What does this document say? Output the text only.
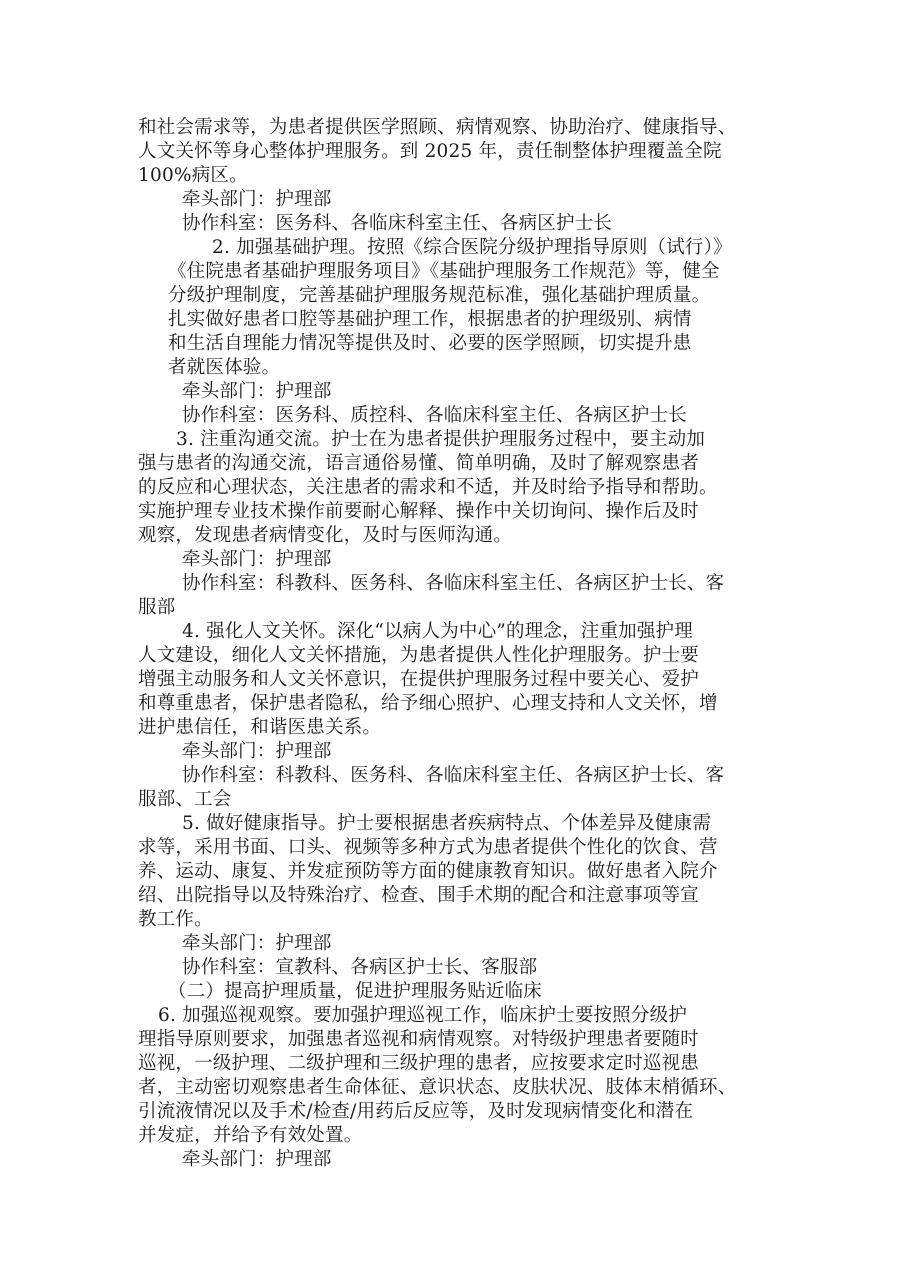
和社会需求等，为患者提供医学照顾、病情观察、协助治疗、健康指导、
人文关怀等身心整体护理服务。到 2025 年，责任制整体护理覆盖全院
100%病区。
牵头部门：护理部
协作科室：医务科、各临床科室主任、各病区护士长
2. 加强基础护理。按照《综合医院分级护理指导原则（试行）》
《住院患者基础护理服务项目》《基础护理服务工作规范》等，健全
分级护理制度，完善基础护理服务规范标准，强化基础护理质量。
扎实做好患者口腔等基础护理工作，根据患者的护理级别、病情
和生活自理能力情况等提供及时、必要的医学照顾，切实提升患
者就医体验。
牵头部门：护理部
协作科室：医务科、质控科、各临床科室主任、各病区护士长
3. 注重沟通交流。护士在为患者提供护理服务过程中，要主动加
强与患者的沟通交流，语言通俗易懂、简单明确，及时了解观察患者
的反应和心理状态，关注患者的需求和不适，并及时给予指导和帮助。
实施护理专业技术操作前要耐心解释、操作中关切询问、操作后及时
观察，发现患者病情变化，及时与医师沟通。
牵头部门：护理部
协作科室：科教科、医务科、各临床科室主任、各病区护士长、客
服部
4. 强化人文关怀。深化“以病人为中心”的理念，注重加强护理
人文建设，细化人文关怀措施，为患者提供人性化护理服务。护士要
增强主动服务和人文关怀意识，在提供护理服务过程中要关心、爱护
和尊重患者，保护患者隐私，给予细心照护、心理支持和人文关怀，增
进护患信任，和谐医患关系。
牵头部门：护理部
协作科室：科教科、医务科、各临床科室主任、各病区护士长、客
服部、工会
5. 做好健康指导。护士要根据患者疾病特点、个体差异及健康需
求等，采用书面、口头、视频等多种方式为患者提供个性化的饮食、营
养、运动、康复、并发症预防等方面的健康教育知识。做好患者入院介
绍、出院指导以及特殊治疗、检查、围手术期的配合和注意事项等宣
教工作。
牵头部门：护理部
协作科室：宣教科、各病区护士长、客服部
（二）提高护理质量，促进护理服务贴近临床
6. 加强巡视观察。要加强护理巡视工作，临床护士要按照分级护
理指导原则要求，加强患者巡视和病情观察。对特级护理患者要随时
巡视，一级护理、二级护理和三级护理的患者，应按要求定时巡视患
者，主动密切观察患者生命体征、意识状态、皮肤状况、肢体末梢循环、
引流液情况以及手术/检查/用药后反应等，及时发现病情变化和潜在
并发症，并给予有效处置。
牵头部门：护理部
